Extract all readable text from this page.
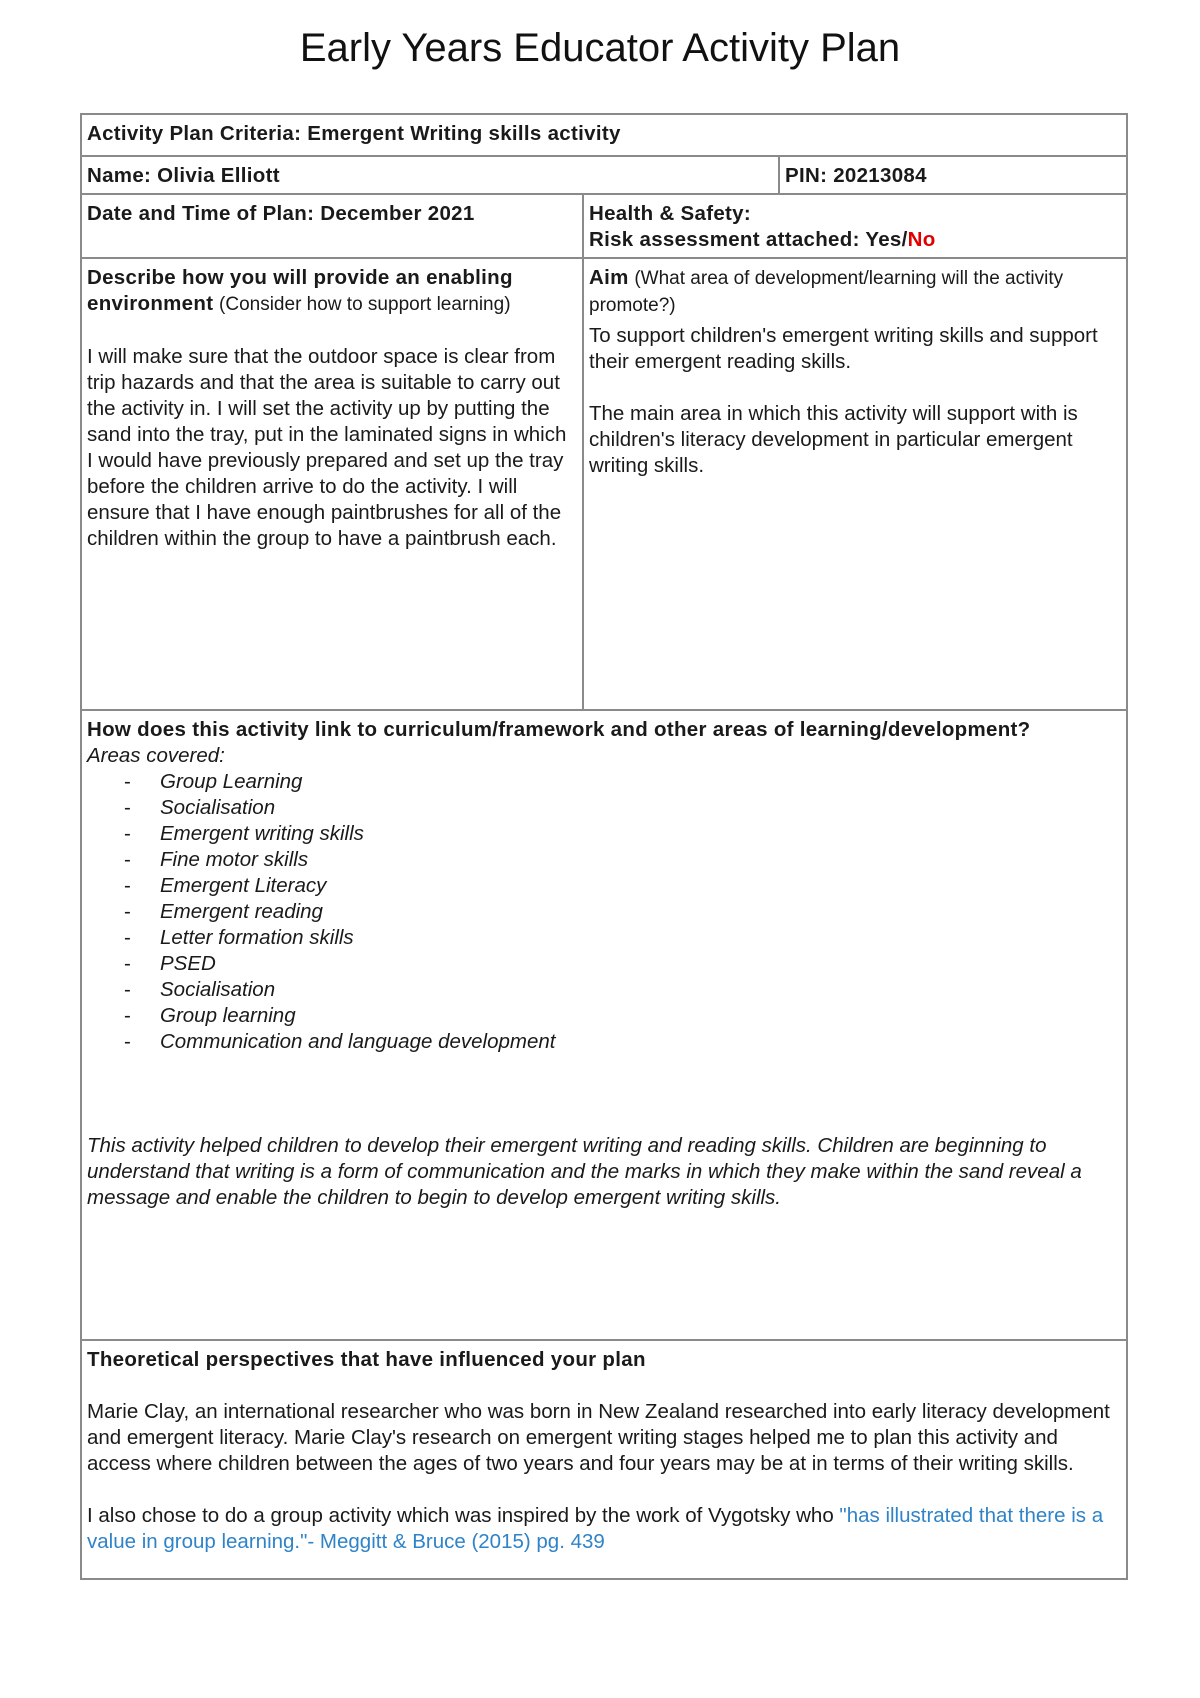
Early Years Educator Activity Plan
Activity Plan Criteria: Emergent Writing skills activity
Name: Olivia Elliott	PIN: 20213084
Date and Time of Plan: December 2021	Health & Safety:
Risk assessment attached: Yes/No

Describe how you will provide an enabling environment (Consider how to support learning)

I will make sure that the outdoor space is clear from trip hazards and that the area is suitable to carry out the activity in. I will set the activity up by putting the sand into the tray, put in the laminated signs in which I would have previously prepared and set up the tray before the children arrive to do the activity. I will ensure that I have enough paintbrushes for all of the children within the group to have a paintbrush each.

Aim (What area of development/learning will the activity promote?)

To support children's emergent writing skills and support their emergent reading skills.

The main area in which this activity will support with is children's literacy development in particular emergent writing skills.

How does this activity link to curriculum/framework and other areas of learning/development?

Areas covered:

- Group Learning
- Socialisation
- Emergent writing skills
- Fine motor skills
- Emergent Literacy
- Emergent reading
- Letter formation skills
- PSED
- Socialisation
- Group learning
- Communication and language development

This activity helped children to develop their emergent writing and reading skills. Children are beginning to understand that writing is a form of communication and the marks in which they make within the sand reveal a message and enable the children to begin to develop emergent writing skills.

Theoretical perspectives that have influenced your plan

Marie Clay, an international researcher who was born in New Zealand researched into early literacy development and emergent literacy. Marie Clay's research on emergent writing stages helped me to plan this activity and access where children between the ages of two years and four years may be at in terms of their writing skills.

I also chose to do a group activity which was inspired by the work of Vygotsky who "has illustrated that there is a value in group learning."- Meggitt & Bruce (2015) pg. 439
